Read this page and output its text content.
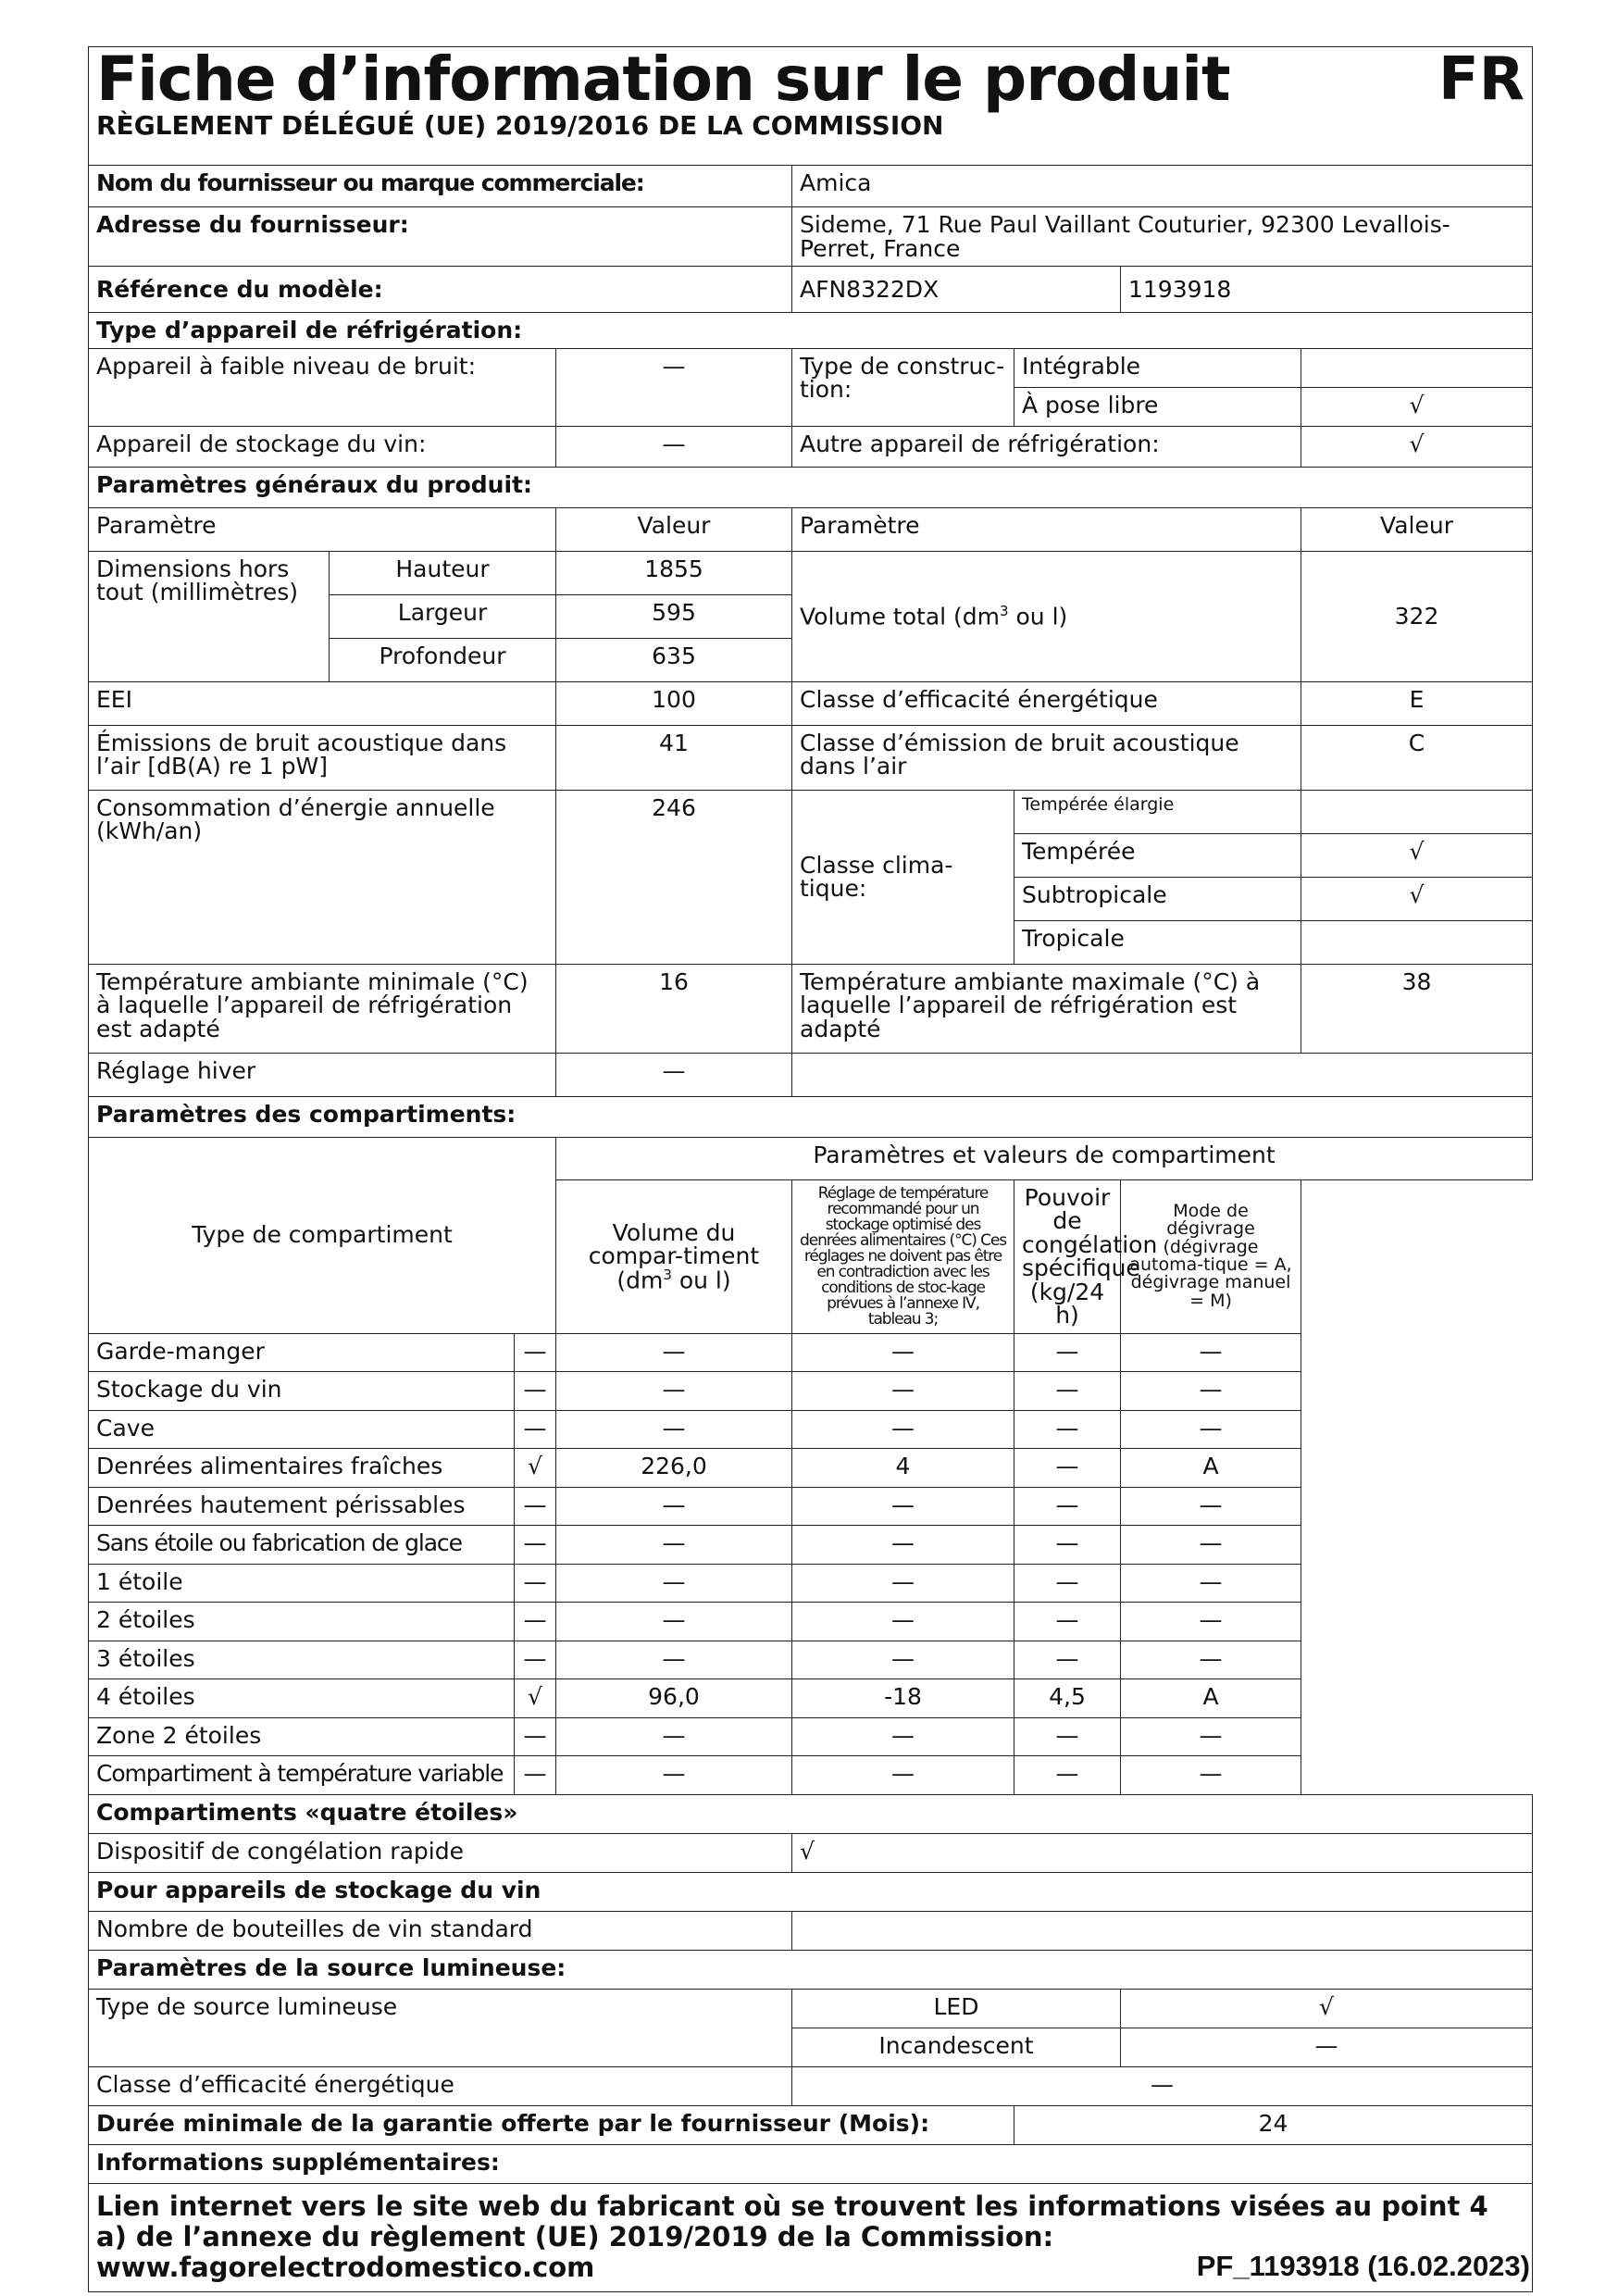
Fiche d’information sur le produit FR
RÈGLEMENT DÉLÉGUÉ (UE) 2019/2016 DE LA COMMISSION							

Nom du fournisseur ou marque commerciale:				Amica			
Adresse du fournisseur:				Sideme, 71 Rue Paul Vaillant Couturier, 92300 Levallois-Perret, France			
Référence du modèle:				AFN8322DX		1193918	
Type d’appareil de réfrigération:							
Appareil à faible niveau de bruit:			—	Type de construc-tion:	Intégrable		
					À pose libre		√
Appareil de stockage du vin:			—	Autre appareil de réfrigération:			√
Paramètres généraux du produit:							
Paramètre			Valeur	Paramètre			Valeur
Dimensions hors tout (millimètres)	Hauteur		1855	Volume total ($dm^3$ ou l)			322
	Largeur		595				
	Profondeur		635				
EEI			100	Classe d’efficacité énergétique			E
Émissions de bruit acoustique dans l’air [dB(A) re 1 pW]			41	Classe d’émission de bruit acoustique dans l’air			C
Consommation d’énergie annuelle (kWh/an)			246	Classe clima-tique:	Tempérée élargie		
					Tempérée		√
					Subtropicale		√
					Tropicale		
Température ambiante minimale (°C) à laquelle l’appareil de réfrigération est adapté			16	Température ambiante maximale (°C) à laquelle l’appareil de réfrigération est adapté			38
Réglage hiver			—				
Paramètres des compartiments:							
Type de compartiment			Paramètres et valeurs de compartiment				
			Volume du compar-timent ($dm^3$ ou l)	Réglage de température recommandé pour un stockage optimisé des denrées alimentaires (°C) Ces réglages ne doivent pas être en contradiction avec les conditions de stoc-kage prévues à l’annexe IV, tableau 3;	Pouvoir de congélation spécifique (kg/24 h)	Mode de dégivrage (dégivrage automa-tique = A, dégivrage manuel = M)	
Garde-manger		—	—	—	—	—	
Stockage du vin		—	—	—	—	—	
Cave		—	—	—	—	—	
Denrées alimentaires fraîches		√	226,0	4	—	A	
Denrées hautement périssables		—	—	—	—	—	
Sans étoile ou fabrication de glace		—	—	—	—	—	
1 étoile		—	—	—	—	—	
2 étoiles		—	—	—	—	—	
3 étoiles		—	—	—	—	—	
4 étoiles		√	96,0	-18	4,5	A	
Zone 2 étoiles		—	—	—	—	—	
Compartiment à température variable		—	—	—	—	—	
Compartiments «quatre étoiles»							
Dispositif de congélation rapide				√			
Pour appareils de stockage du vin							
Nombre de bouteilles de vin standard							
Paramètres de la source lumineuse:							
Type de source lumineuse				LED		√	
				Incandescent		—	
Classe d’efficacité énergétique				—			
Durée minimale de la garantie offerte par le fournisseur (Mois):					24		
Informations supplémentaires:							
Lien internet vers le site web du fabricant où se trouvent les informations visées au point 4 a) de l’annexe du règlement (UE) 2019/2019 de la Commission: www.fagorelectrodomestico.com								PF_1193918 (16.02.2023)
